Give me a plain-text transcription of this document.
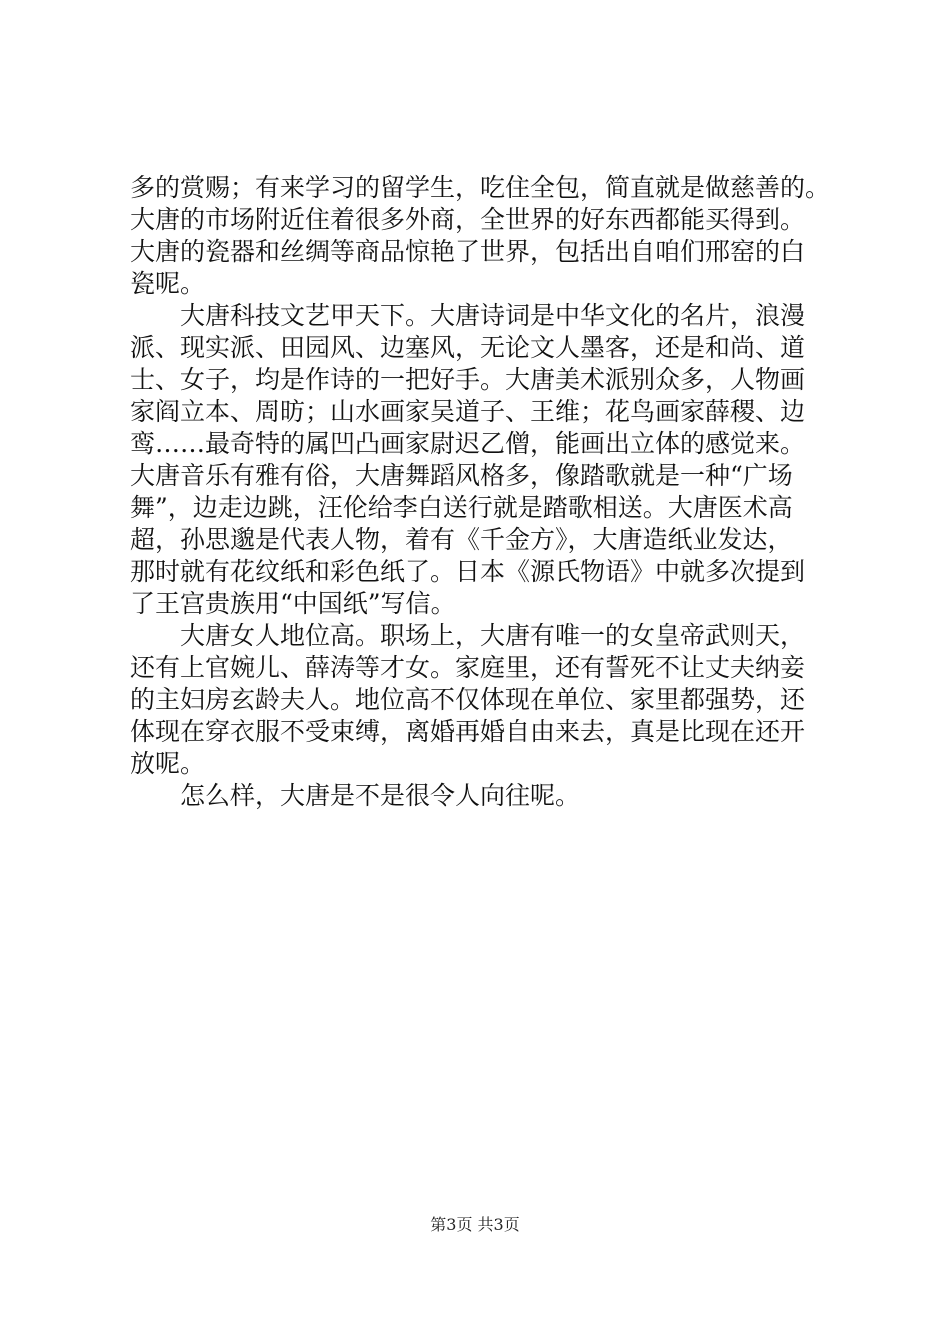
多的赏赐；有来学习的留学生，吃住全包，简直就是做慈善的。
大唐的市场附近住着很多外商，全世界的好东西都能买得到。
大唐的瓷器和丝绸等商品惊艳了世界，包括出自咱们邢窑的白
瓷呢。
　　大唐科技文艺甲天下。大唐诗词是中华文化的名片，浪漫
派、现实派、田园风、边塞风，无论文人墨客，还是和尚、道
士、女子，均是作诗的一把好手。大唐美术派别众多，人物画
家阎立本、周昉；山水画家吴道子、王维；花鸟画家薛稷、边
鸾……最奇特的属凹凸画家尉迟乙僧，能画出立体的感觉来。
大唐音乐有雅有俗，大唐舞蹈风格多，像踏歌就是一种“广场
舞”，边走边跳，汪伦给李白送行就是踏歌相送。大唐医术高
超，孙思邈是代表人物，着有《千金方》，大唐造纸业发达，
那时就有花纹纸和彩色纸了。日本《源氏物语》中就多次提到
了王宫贵族用“中国纸”写信。
　　大唐女人地位高。职场上，大唐有唯一的女皇帝武则天，
还有上官婉儿、薛涛等才女。家庭里，还有誓死不让丈夫纳妾
的主妇房玄龄夫人。地位高不仅体现在单位、家里都强势，还
体现在穿衣服不受束缚，离婚再婚自由来去，真是比现在还开
放呢。
　　怎么样，大唐是不是很令人向往呢。
第3页 共3页
